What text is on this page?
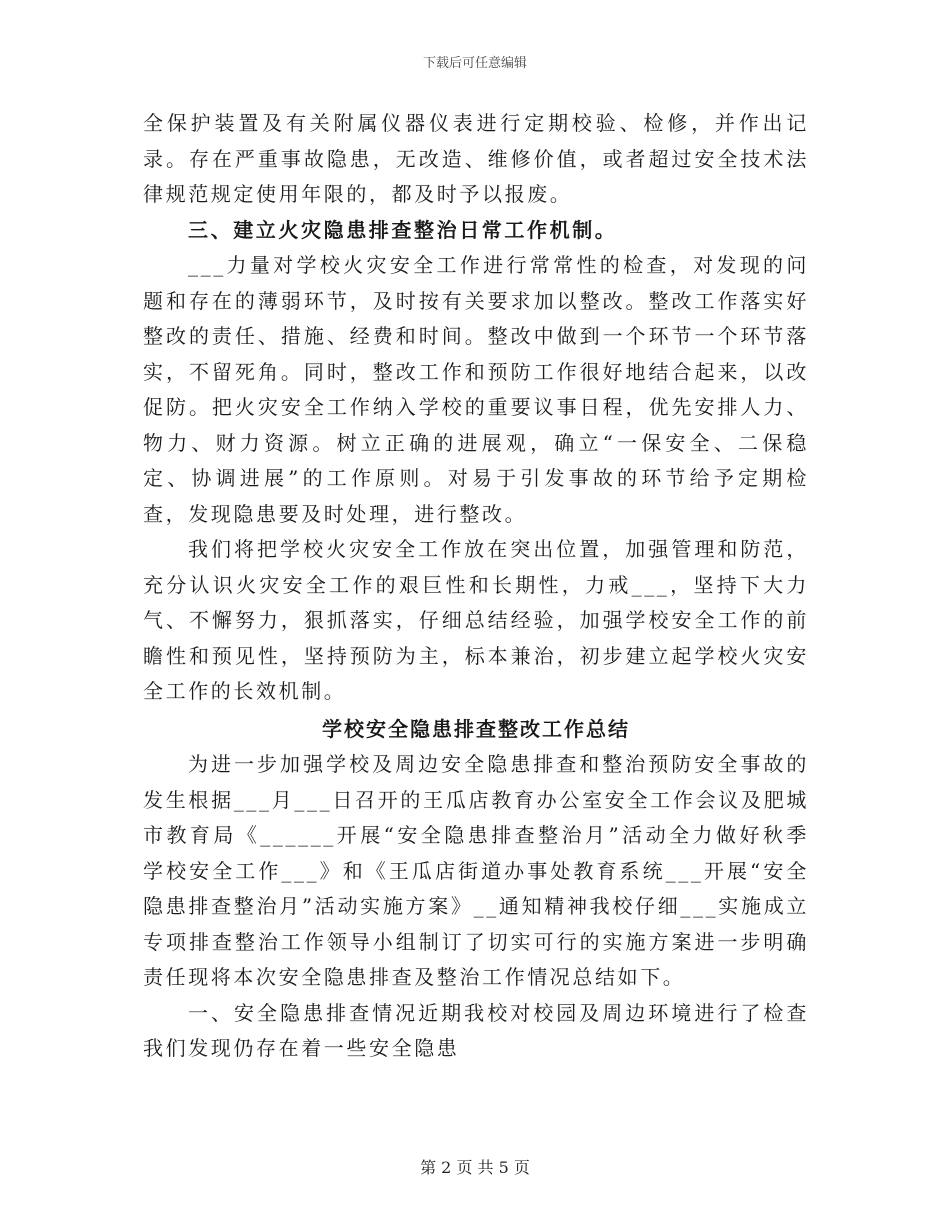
下载后可任意编辑

全保护装置及有关附属仪器仪表进行定期校验、检修，并作出记录。存在严重事故隐患，无改造、维修价值，或者超过安全技术法律规范规定使用年限的，都及时予以报废。

三、建立火灾隐患排查整治日常工作机制。

___力量对学校火灾安全工作进行常常性的检查，对发现的问题和存在的薄弱环节，及时按有关要求加以整改。整改工作落实好整改的责任、措施、经费和时间。整改中做到一个环节一个环节落实，不留死角。同时，整改工作和预防工作很好地结合起来，以改促防。把火灾安全工作纳入学校的重要议事日程，优先安排人力、物力、财力资源。树立正确的进展观，确立“一保安全、二保稳定、协调进展”的工作原则。对易于引发事故的环节给予定期检查，发现隐患要及时处理，进行整改。

我们将把学校火灾安全工作放在突出位置，加强管理和防范，充分认识火灾安全工作的艰巨性和长期性，力戒___，坚持下大力气、不懈努力，狠抓落实，仔细总结经验，加强学校安全工作的前瞻性和预见性，坚持预防为主，标本兼治，初步建立起学校火灾安全工作的长效机制。

学校安全隐患排查整改工作总结

为进一步加强学校及周边安全隐患排查和整治预防安全事故的发生根据___月___日召开的王瓜店教育办公室安全工作会议及肥城市教育局《______开展“安全隐患排查整治月”活动全力做好秋季学校安全工作___》和《王瓜店街道办事处教育系统___开展“安全隐患排查整治月”活动实施方案》__通知精神我校仔细___实施成立专项排查整治工作领导小组制订了切实可行的实施方案进一步明确责任现将本次安全隐患排查及整治工作情况总结如下。

一、安全隐患排查情况近期我校对校园及周边环境进行了检查我们发现仍存在着一些安全隐患

第 2 页 共 5 页
